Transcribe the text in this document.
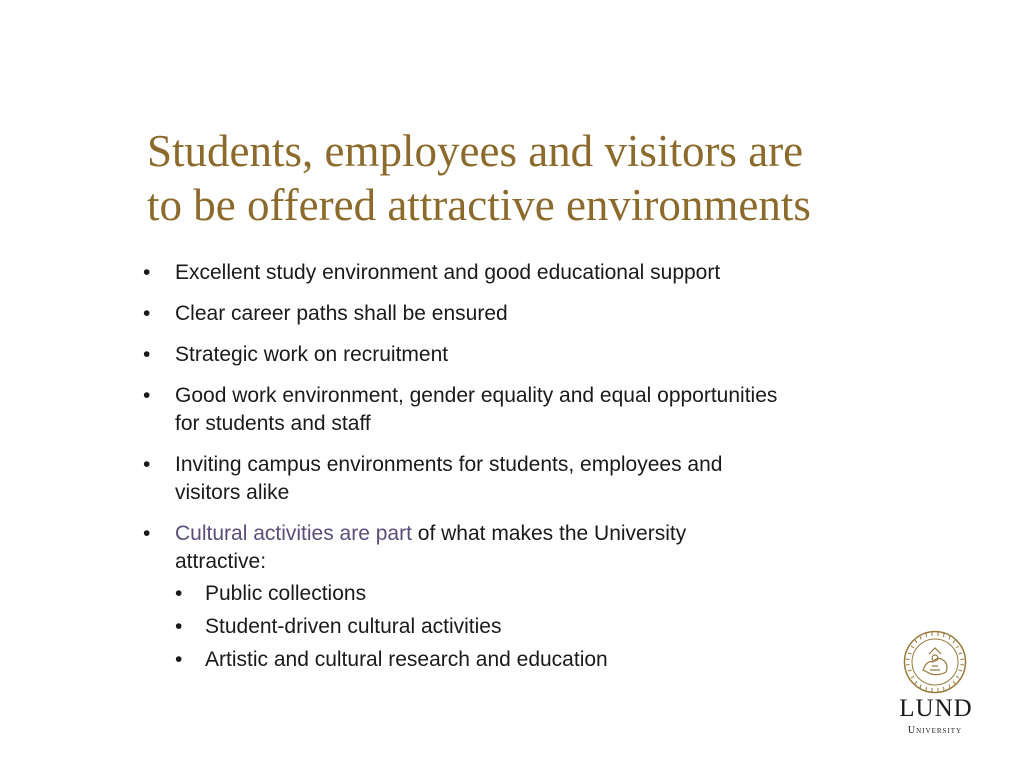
Students, employees and visitors are
to be offered attractive environments
•	Excellent study environment and good educational support
•	Clear career paths shall be ensured
•	Strategic work on recruitment
•	Good work environment, gender equality and equal opportunities
for students and staff
•	Inviting campus environments for students, employees and
visitors alike
•	Cultural activities are part of what makes the University
attractive:
•	Public collections
•	Student-driven cultural activities
•	Artistic and cultural research and education
LUND
University
